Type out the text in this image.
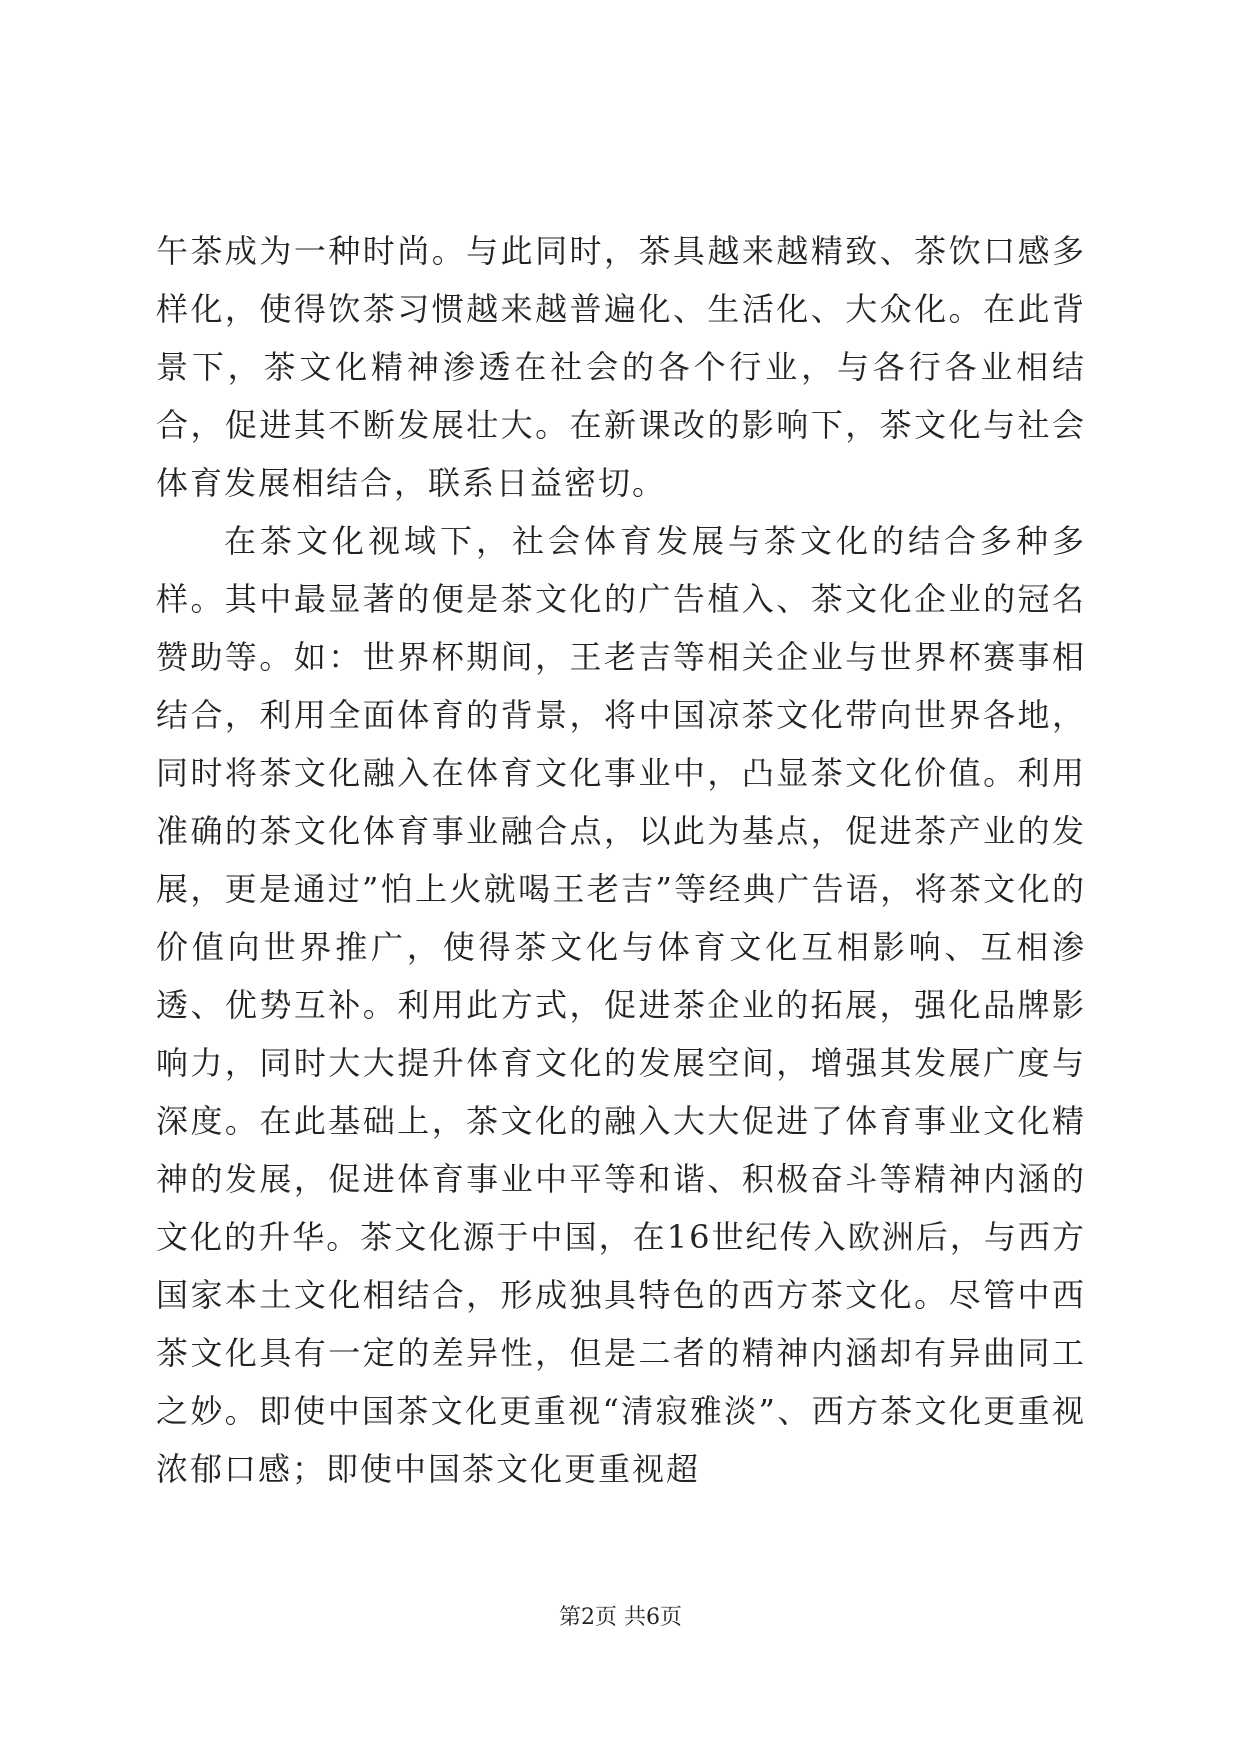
午茶成为一种时尚。与此同时，茶具越来越精致、茶饮口感多样化，使得饮茶习惯越来越普遍化、生活化、大众化。在此背景下，茶文化精神渗透在社会的各个行业，与各行各业相结合，促进其不断发展壮大。在新课改的影响下，茶文化与社会体育发展相结合，联系日益密切。

在茶文化视域下，社会体育发展与茶文化的结合多种多样。其中最显著的便是茶文化的广告植入、茶文化企业的冠名赞助等。如：世界杯期间，王老吉等相关企业与世界杯赛事相结合，利用全面体育的背景，将中国凉茶文化带向世界各地，同时将茶文化融入在体育文化事业中，凸显茶文化价值。利用准确的茶文化体育事业融合点，以此为基点，促进茶产业的发展，更是通过”怕上火就喝王老吉”等经典广告语，将茶文化的价值向世界推广，使得茶文化与体育文化互相影响、互相渗透、优势互补。利用此方式，促进茶企业的拓展，强化品牌影响力，同时大大提升体育文化的发展空间，增强其发展广度与深度。在此基础上，茶文化的融入大大促进了体育事业文化精神的发展，促进体育事业中平等和谐、积极奋斗等精神内涵的文化的升华。茶文化源于中国，在16世纪传入欧洲后，与西方国家本土文化相结合，形成独具特色的西方茶文化。尽管中西茶文化具有一定的差异性，但是二者的精神内涵却有异曲同工之妙。即使中国茶文化更重视“清寂雅淡”、西方茶文化更重视浓郁口感；即使中国茶文化更重视超

第2页 共6页
